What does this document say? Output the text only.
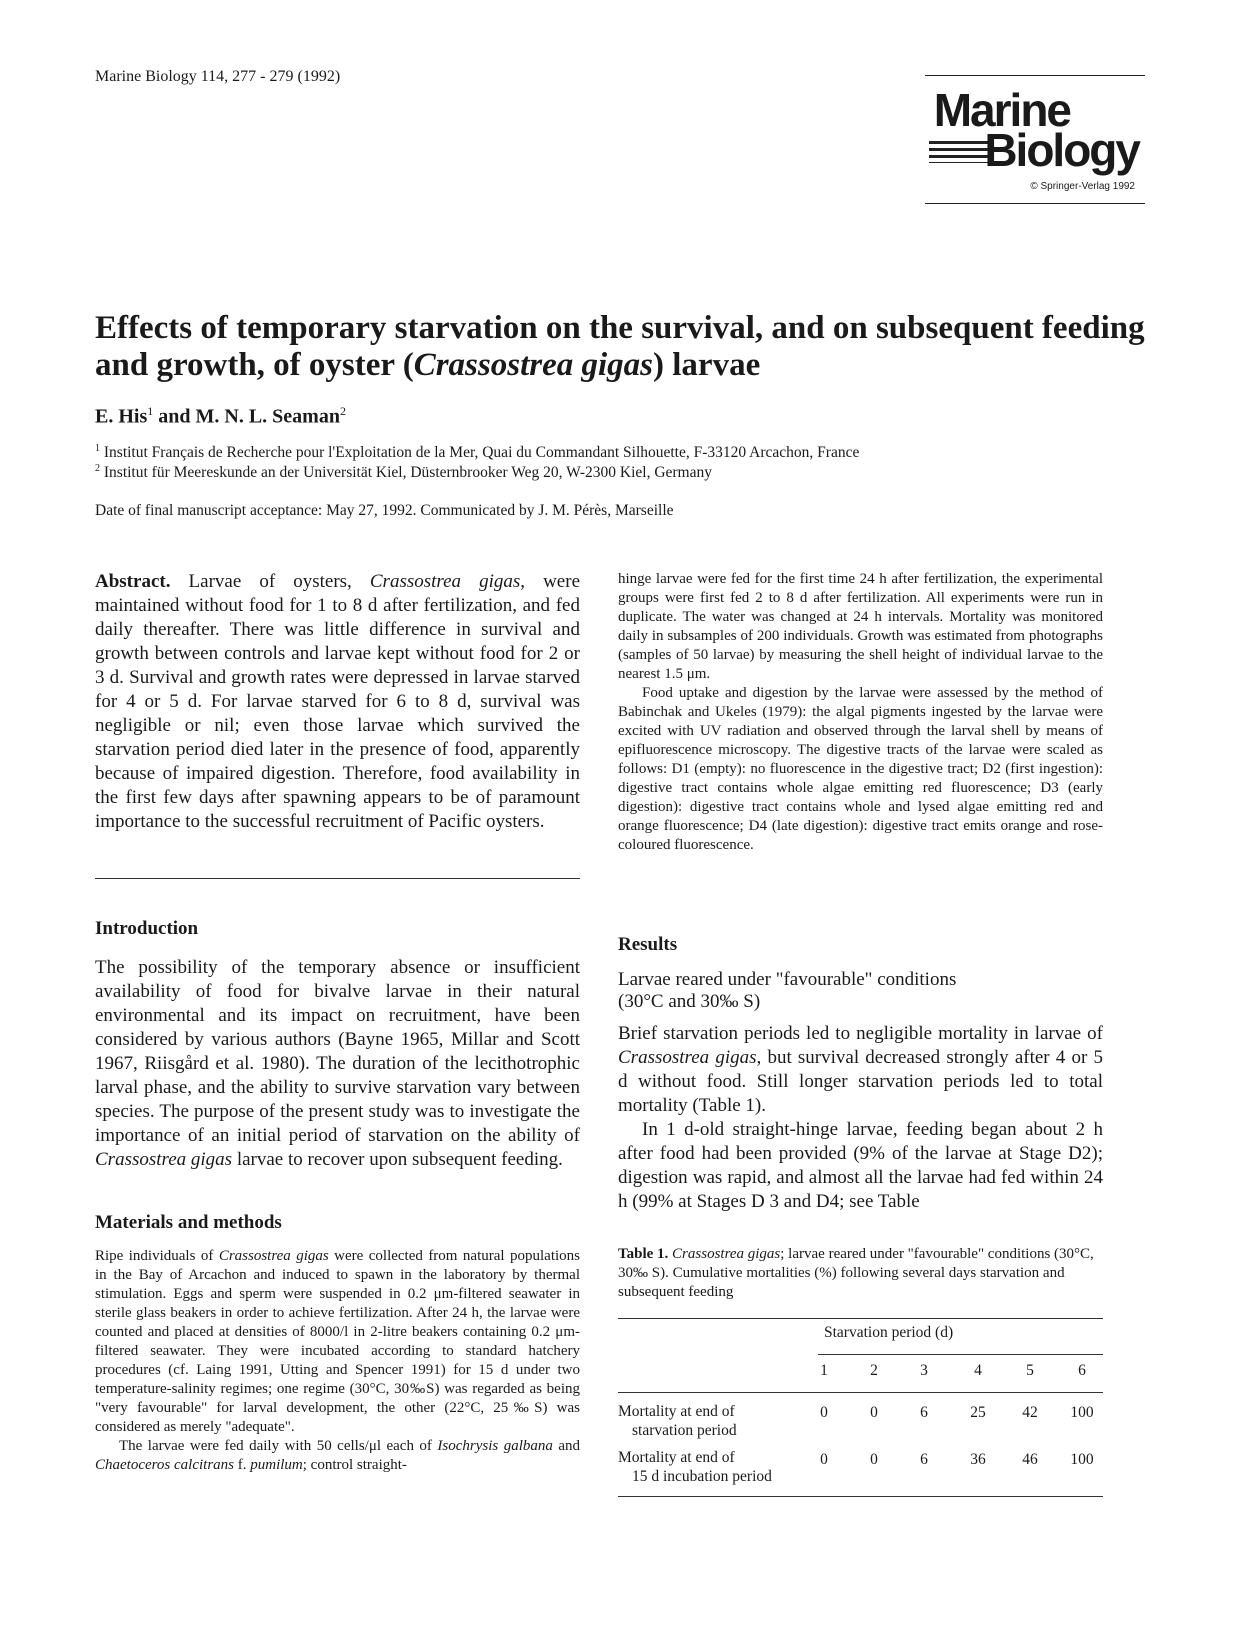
Marine Biology 114, 277 - 279 (1992)
Marine
Biology
© Springer-Verlag 1992
Effects of temporary starvation on the survival, and on subsequent feeding and growth, of oyster (Crassostrea gigas) larvae
E. His$^1$ and M. N. L. Seaman$^2$
$^1$ Institut Français de Recherche pour l'Exploitation de la Mer, Quai du Commandant Silhouette, F-33120 Arcachon, France
$^2$ Institut für Meereskunde an der Universität Kiel, Düsternbrooker Weg 20, W-2300 Kiel, Germany
Date of final manuscript acceptance: May 27, 1992. Communicated by J. M. Pérès, Marseille
Abstract. Larvae of oysters, Crassostrea gigas, were maintained without food for 1 to 8 d after fertilization, and fed daily thereafter. There was little difference in survival and growth between controls and larvae kept without food for 2 or 3 d. Survival and growth rates were depressed in larvae starved for 4 or 5 d. For larvae starved for 6 to 8 d, survival was negligible or nil; even those larvae which survived the starvation period died later in the presence of food, apparently because of impaired digestion. Therefore, food availability in the first few days after spawning appears to be of paramount importance to the successful recruitment of Pacific oysters.
Introduction
The possibility of the temporary absence or insufficient availability of food for bivalve larvae in their natural environmental and its impact on recruitment, have been considered by various authors (Bayne 1965, Millar and Scott 1967, Riisgård et al. 1980). The duration of the lecithotrophic larval phase, and the ability to survive starvation vary between species. The purpose of the present study was to investigate the importance of an initial period of starvation on the ability of Crassostrea gigas larvae to recover upon subsequent feeding.
Materials and methods

Ripe individuals of Crassostrea gigas were collected from natural populations in the Bay of Arcachon and induced to spawn in the laboratory by thermal stimulation. Eggs and sperm were suspended in 0.2 μm-filtered seawater in sterile glass beakers in order to achieve fertilization. After 24 h, the larvae were counted and placed at densities of 8000/l in 2-litre beakers containing 0.2 μm-filtered seawater. They were incubated according to standard hatchery procedures (cf. Laing 1991, Utting and Spencer 1991) for 15 d under two temperature-salinity regimes; one regime (30°C, 30‰S) was regarded as being "very favourable" for larval development, the other (22°C, 25‰S) was considered as merely "adequate".

The larvae were fed daily with 50 cells/μl each of Isochrysis galbana and Chaetoceros calcitrans f. pumilum; control straight-

hinge larvae were fed for the first time 24 h after fertilization, the experimental groups were first fed 2 to 8 d after fertilization. All experiments were run in duplicate. The water was changed at 24 h intervals. Mortality was monitored daily in subsamples of 200 individuals. Growth was estimated from photographs (samples of 50 larvae) by measuring the shell height of individual larvae to the nearest 1.5 μm.

Food uptake and digestion by the larvae were assessed by the method of Babinchak and Ukeles (1979): the algal pigments ingested by the larvae were excited with UV radiation and observed through the larval shell by means of epifluorescence microscopy. The digestive tracts of the larvae were scaled as follows: D1 (empty): no fluorescence in the digestive tract; D2 (first ingestion): digestive tract contains whole algae emitting red fluorescence; D3 (early digestion): digestive tract contains whole and lysed algae emitting red and orange fluorescence; D4 (late digestion): digestive tract emits orange and rose-coloured fluorescence.

Results
Larvae reared under "favourable" conditions
(30°C and 30‰ S)

Brief starvation periods led to negligible mortality in larvae of Crassostrea gigas, but survival decreased strongly after 4 or 5 d without food. Still longer starvation periods led to total mortality (Table 1).

In 1 d-old straight-hinge larvae, feeding began about 2 h after food had been provided (9% of the larvae at Stage D2); digestion was rapid, and almost all the larvae had fed within 24 h (99% at Stages D 3 and D4; see Table

Table 1. Crassostrea gigas; larvae reared under "favourable" conditions (30°C, 30‰ S). Cumulative mortalities (%) following several days starvation and subsequent feeding
Starvation period (d)
1	2	3	4	5	6
Mortality at end of
starvation period
0	0	6	25	42	100
Mortality at end of
15 d incubation period
0	0	6	36	46	100
